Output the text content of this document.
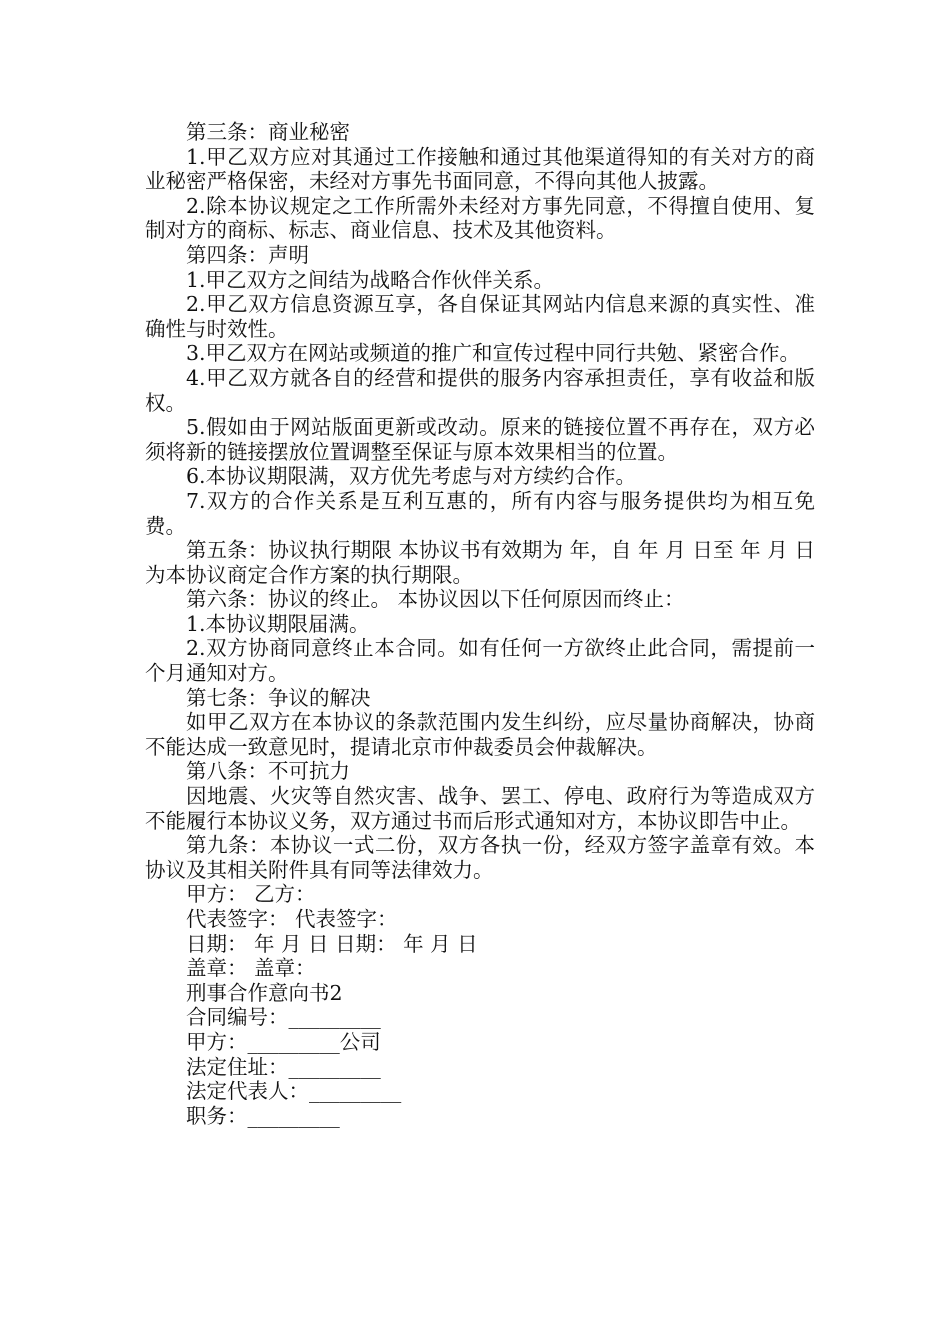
第三条：商业秘密

1.甲乙双方应对其通过工作接触和通过其他渠道得知的有关对方的商业秘密严格保密，未经对方事先书面同意，不得向其他人披露。

2.除本协议规定之工作所需外未经对方事先同意，不得擅自使用、复制对方的商标、标志、商业信息、技术及其他资料。

第四条：声明

1.甲乙双方之间结为战略合作伙伴关系。

2.甲乙双方信息资源互享，各自保证其网站内信息来源的真实性、准确性与时效性。

3.甲乙双方在网站或频道的推广和宣传过程中同行共勉、紧密合作。

4.甲乙双方就各自的经营和提供的服务内容承担责任，享有收益和版权。

5.假如由于网站版面更新或改动。原来的链接位置不再存在，双方必须将新的链接摆放位置调整至保证与原本效果相当的位置。

6.本协议期限满，双方优先考虑与对方续约合作。

7.双方的合作关系是互利互惠的，所有内容与服务提供均为相互免费。

第五条：协议执行期限 本协议书有效期为 年，自 年 月 日至 年 月 日为本协议商定合作方案的执行期限。

第六条：协议的终止。 本协议因以下任何原因而终止：

1.本协议期限届满。

2.双方协商同意终止本合同。如有任何一方欲终止此合同，需提前一个月通知对方。

第七条：争议的解决

如甲乙双方在本协议的条款范围内发生纠纷，应尽量协商解决，协商不能达成一致意见时，提请北京市仲裁委员会仲裁解决。

第八条：不可抗力

因地震、火灾等自然灾害、战争、罢工、停电、政府行为等造成双方不能履行本协议义务，双方通过书而后形式通知对方，本协议即告中止。

第九条：本协议一式二份，双方各执一份，经双方签字盖章有效。本协议及其相关附件具有同等法律效力。

甲方： 乙方：

代表签字： 代表签字：

日期： 年 月 日 日期： 年 月 日

盖章： 盖章：

刑事合作意向书2

合同编号：_________

甲方：_________公司

法定住址：_________

法定代表人：_________

职务：_________
